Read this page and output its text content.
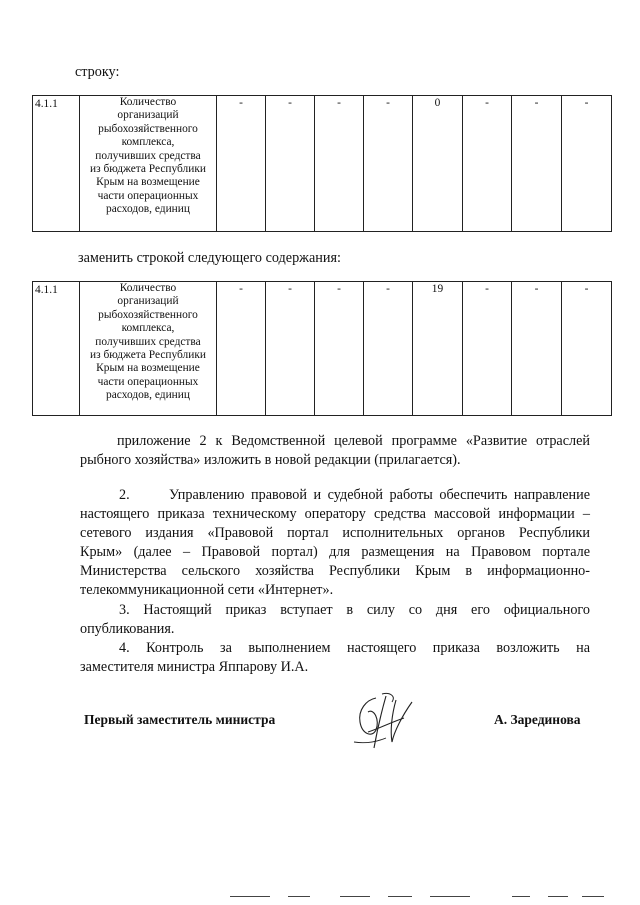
строку:
4.1.1	Количество
организаций
рыбохозяйственного
комплекса,
получивших средства
из бюджета Республики
Крым на возмещение
части операционных
расходов, единиц
	-	-	-	-	0	-	-	-
заменить строкой следующего содержания:
4.1.1	Количество
организаций
рыбохозяйственного
комплекса,
получивших средства
из бюджета Республики
Крым на возмещение
части операционных
расходов, единиц
	-	-	-	-	19	-	-	-
приложение 2 к Ведомственной целевой программе «Развитие отраслей
рыбного хозяйства» изложить в новой редакции (прилагается).
2.      Управлению правовой и судебной работы обеспечить направление
настоящего приказа техническому оператору средства массовой информации –
сетевого издания «Правовой портал исполнительных органов Республики
Крым» (далее – Правовой портал) для размещения на Правовом портале
Министерства сельского хозяйства Республики Крым в информационно-
телекоммуникационной сети «Интернет».
3. Настоящий приказ вступает в силу со дня его официального
опубликования.
4. Контроль за выполнением настоящего приказа возложить на
заместителя министра Яппарову И.А.
Первый заместитель министра	А. Зарединова
